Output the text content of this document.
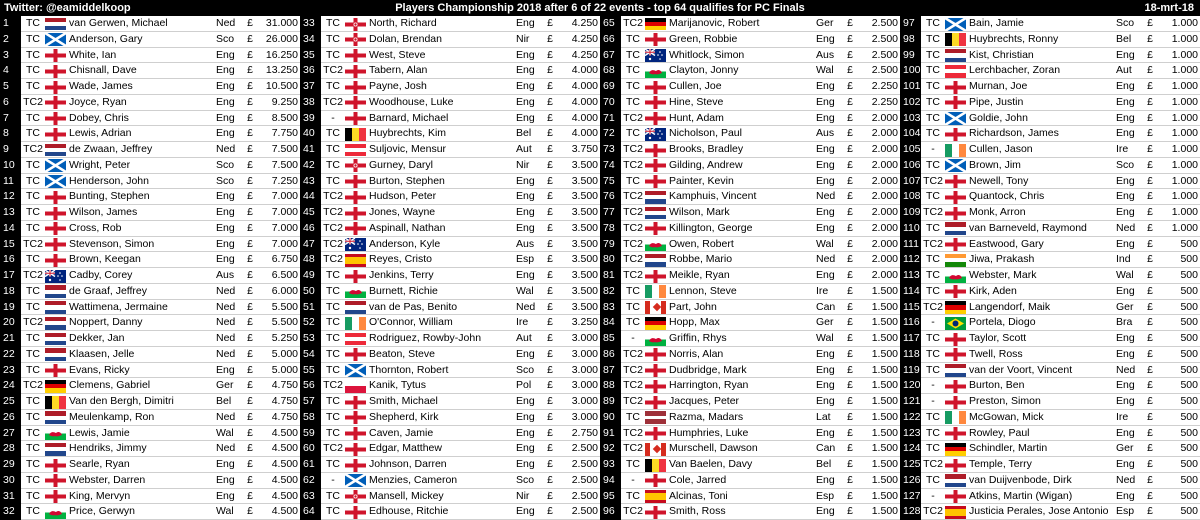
Players Championship 2018 after 6 of 22 events - top 64 qualifies for PC Finals
Twitter: @eamiddelkoop	18-mrt-18
1	TC	van Gerwen, Michael	Ned	£	31.000
2	TC	Anderson, Gary	Sco	£	26.000
3	TC	White, Ian	Eng	£	16.250
4	TC	Chisnall, Dave	Eng	£	13.250
5	TC	Wade, James	Eng	£	10.500
6	TC2 Joyce, Ryan	Eng	£	9.250
7	TC	Dobey, Chris	Eng	£	8.500
8	TC	Lewis, Adrian	Eng	£	7.750
9	TC2 de Zwaan, Jeffrey	Ned	£	7.500
10	TC	Wright, Peter	Sco	£	7.500
11	TC	Henderson, John	Sco	£	7.250
12	TC	Bunting, Stephen	Eng	£	7.000
13	TC	Wilson, James	Eng	£	7.000
14	TC	Cross, Rob	Eng	£	7.000
15 TC2 Stevenson, Simon	Eng	£	7.000
16	TC	Brown, Keegan	Eng	£	6.750
17 TC2 Cadby, Corey	Aus	£	6.500
18	TC	de Graaf, Jeffrey	Ned	£	6.000
19	TC	Wattimena, Jermaine	Ned	£	5.500
20 TC2 Noppert, Danny	Ned	£	5.500
21	TC	Dekker, Jan	Ned	£	5.250
22	TC	Klaasen, Jelle	Ned	£	5.000
23	TC	Evans, Ricky	Eng	£	5.000
24 TC2 Clemens, Gabriel	Ger	£	4.750
25	TC	Van den Bergh, Dimitri	Bel	£	4.750
26	TC	Meulenkamp, Ron	Ned	£	4.750
27	TC	Lewis, Jamie	Wal	£	4.500
28	TC	Hendriks, Jimmy	Ned	£	4.500
29	TC	Searle, Ryan	Eng	£	4.500
30	TC	Webster, Darren	Eng	£	4.500
31	TC	King, Mervyn	Eng	£	4.500
32	TC	Price, Gerwyn	Wal	£	4.500
33	TC	North, Richard	Eng	£	4.250
34	TC	Dolan, Brendan	Nir	£	4.250
35	TC	West, Steve	Eng	£	4.250
36 TC2 Tabern, Alan	Eng	£	4.000
37	TC	Payne, Josh	Eng	£	4.000
38 TC2 Woodhouse, Luke	Eng	£	4.000
39	-	Barnard, Michael	Eng	£	4.000
40	TC	Huybrechts, Kim	Bel	£	4.000
41	TC	Suljovic, Mensur	Aut	£	3.750
42	TC	Gurney, Daryl	Nir	£	3.500
43	TC	Burton, Stephen	Eng	£	3.500
44 TC2 Hudson, Peter	Eng	£	3.500
45 TC2 Jones, Wayne	Eng	£	3.500
46 TC2 Aspinall, Nathan	Eng	£	3.500
47 TC2 Anderson, Kyle	Aus	£	3.500
48 TC2 Reyes, Cristo	Esp	£	3.500
49	TC	Jenkins, Terry	Eng	£	3.500
50	TC	Burnett, Richie	Wal	£	3.500
51	TC	van de Pas, Benito	Ned	£	3.500
52	TC	O'Connor, William	Ire	£	3.250
53	TC	Rodriguez, Rowby-John	Aut	£	3.000
54	TC	Beaton, Steve	Eng	£	3.000
55	TC	Thornton, Robert	Sco	£	3.000
56 TC2 Kanik, Tytus	Pol	£	3.000
57	TC	Smith, Michael	Eng	£	3.000
58	TC	Shepherd, Kirk	Eng	£	3.000
59	TC	Caven, Jamie	Eng	£	2.750
60 TC2 Edgar, Matthew	Eng	£	2.500
61	TC	Johnson, Darren	Eng	£	2.500
62	-	Menzies, Cameron	Sco	£	2.500
63	TC	Mansell, Mickey	Nir	£	2.500
64	TC	Edhouse, Ritchie	Eng	£	2.500
65 TC2 Marijanovic, Robert	Ger	£	2.500
66	TC	Green, Robbie	Eng	£	2.500
67	TC	Whitlock, Simon	Aus	£	2.500
68	TC	Clayton, Jonny	Wal	£	2.500
69	TC	Cullen, Joe	Eng	£	2.250
70	TC	Hine, Steve	Eng	£	2.250
71 TC2 Hunt, Adam	Eng	£	2.000
72	TC	Nicholson, Paul	Aus	£	2.000
73 TC2 Brooks, Bradley	Eng	£	2.000
74 TC2 Gilding, Andrew	Eng	£	2.000
75	TC	Painter, Kevin	Eng	£	2.000
76 TC2 Kamphuis, Vincent	Ned	£	2.000
77 TC2 Wilson, Mark	Eng	£	2.000
78 TC2 Killington, George	Eng	£	2.000
79 TC2 Owen, Robert	Wal	£	2.000
80 TC2 Robbe, Mario	Ned	£	2.000
81 TC2 Meikle, Ryan	Eng	£	2.000
82	TC	Lennon, Steve	Ire	£	1.500
83	TC	Part, John	Can	£	1.500
84	TC	Hopp, Max	Ger	£	1.500
85	-	Griffin, Rhys	Wal	£	1.500
86 TC2 Norris, Alan	Eng	£	1.500
87 TC2 Dudbridge, Mark	Eng	£	1.500
88 TC2 Harrington, Ryan	Eng	£	1.500
89 TC2 Jacques, Peter	Eng	£	1.500
90	TC	Razma, Madars	Lat	£	1.500
91 TC2 Humphries, Luke	Eng	£	1.500
92 TC2 Murschell, Dawson	Can	£	1.500
93	TC	Van Baelen, Davy	Bel	£	1.500
94	-	Cole, Jarred	Eng	£	1.500
95	TC	Alcinas, Toni	Esp	£	1.500
96 TC2 Smith, Ross	Eng	£	1.500
97	TC	Bain, Jamie	Sco	£	1.000
98	TC	Huybrechts, Ronny	Bel	£	1.000
99	TC	Kist, Christian	Eng	£	1.000
100 TC	Lerchbacher, Zoran	Aut	£	1.000
101 TC	Murnan, Joe	Eng	£	1.000
102 TC	Pipe, Justin	Eng	£	1.000
103 TC	Goldie, John	Eng	£	1.000
104 TC	Richardson, James	Eng	£	1.000
105	-	Cullen, Jason	Ire	£	1.000
106 TC	Brown, Jim	Sco	£	1.000
107 TC2 Newell, Tony	Eng	£	1.000
108 TC	Quantock, Chris	Eng	£	1.000
109 TC2 Monk, Arron	Eng	£	1.000
110 TC	van Barneveld, Raymond	Ned	£	1.000
111 TC2 Eastwood, Gary	Eng	£	500
112 TC	Jiwa, Prakash	Ind	£	500
113 TC	Webster, Mark	Wal	£	500
114 TC	Kirk, Aden	Eng	£	500
115 TC2 Langendorf, Maik	Ger	£	500
116	-	Portela, Diogo	Bra	£	500
117 TC	Taylor, Scott	Eng	£	500
118 TC	Twell, Ross	Eng	£	500
119 TC	van der Voort, Vincent	Ned	£	500
120	-	Burton, Ben	Eng	£	500
121	-	Preston, Simon	Eng	£	500
122 TC	McGowan, Mick	Ire	£	500
123 TC	Rowley, Paul	Eng	£	500
124 TC	Schindler, Martin	Ger	£	500
125 TC2 Temple, Terry	Eng	£	500
126 TC	van Duijvenbode, Dirk	Ned	£	500
127	-	Atkins, Martin (Wigan)	Eng	£	500
128 TC2 Justicia Perales, Jose Antonio Esp	£	500
